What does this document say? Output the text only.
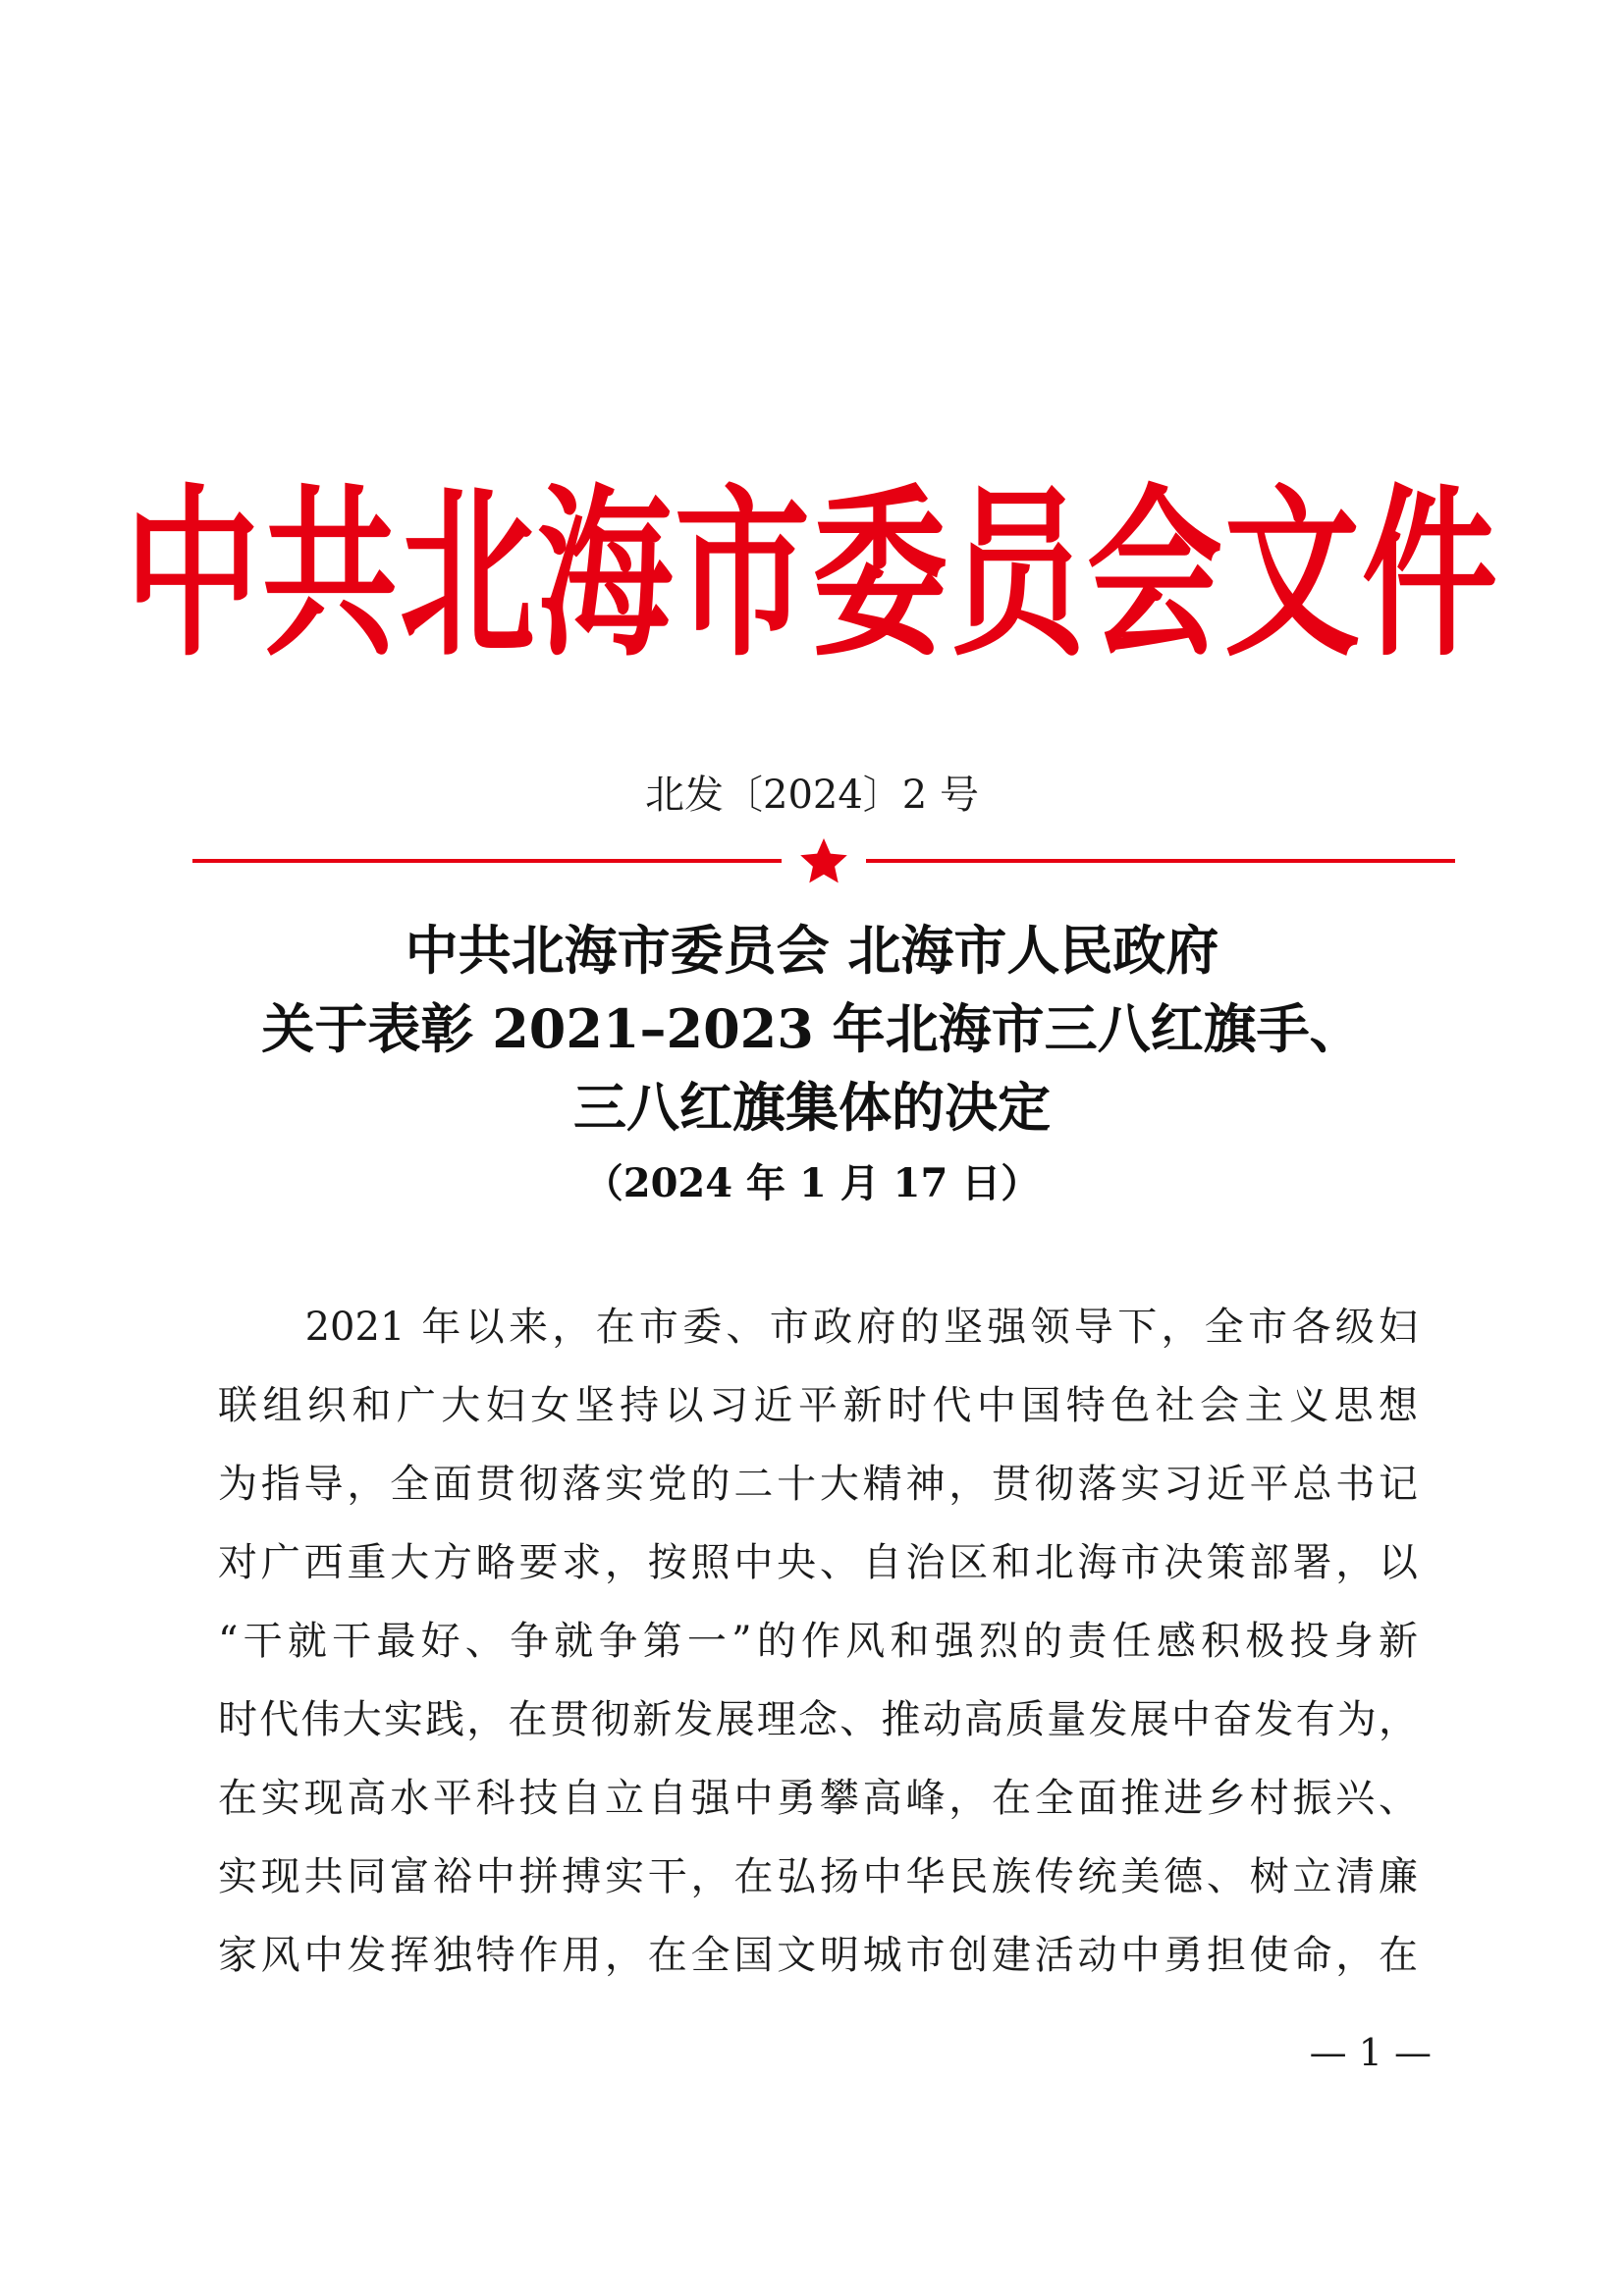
中共北海市委员会文件
北发〔2024〕2 号
中共北海市委员会 北海市人民政府
关于表彰 2021–2023 年北海市三八红旗手、
三八红旗集体的决定
（2024 年 1 月 17 日）
　　2021 年以来，在市委、市政府的坚强领导下，全市各级妇
联组织和广大妇女坚持以习近平新时代中国特色社会主义思想
为指导，全面贯彻落实党的二十大精神，贯彻落实习近平总书记
对广西重大方略要求，按照中央、自治区和北海市决策部署，以
“干就干最好、争就争第一”的作风和强烈的责任感积极投身新
时代伟大实践，在贯彻新发展理念、推动高质量发展中奋发有为，
在实现高水平科技自立自强中勇攀高峰，在全面推进乡村振兴、
实现共同富裕中拼搏实干，在弘扬中华民族传统美德、树立清廉
家风中发挥独特作用，在全国文明城市创建活动中勇担使命，在
— 1 —
